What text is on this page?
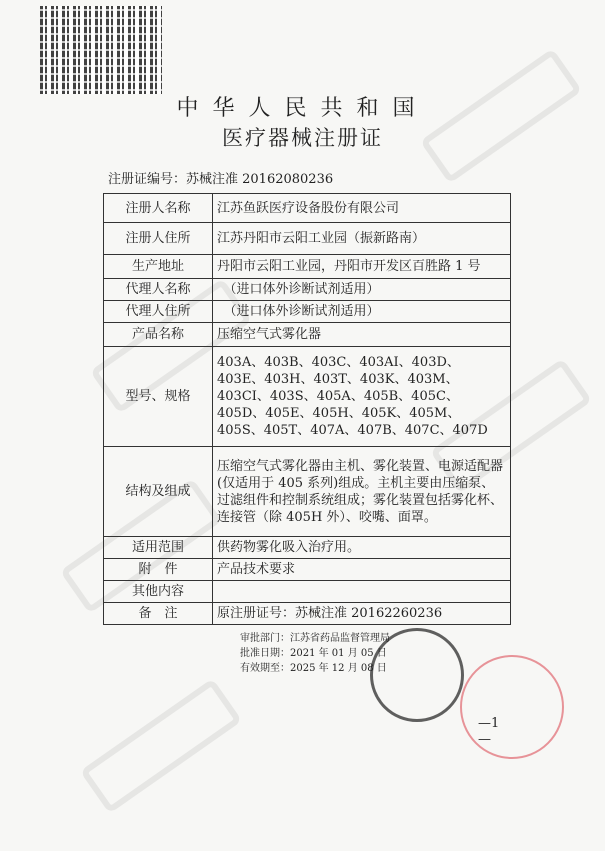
中华人民共和国
医疗器械注册证
注册证编号：苏械注准 20162080236
注册人名称	江苏鱼跃医疗设备股份有限公司
注册人住所	江苏丹阳市云阳工业园（振新路南）
生产地址	丹阳市云阳工业园，丹阳市开发区百胜路 1 号
代理人名称	　（进口体外诊断试剂适用）
代理人住所	　（进口体外诊断试剂适用）
产品名称	压缩空气式雾化器
型号、规格	403A、403B、403C、403AI、403D、403E、403H、403T、403K、403M、403CI、403S、405A、405B、405C、405D、405E、405H、405K、405M、405S、405T、407A、407B、407C、407D
结构及组成	压缩空气式雾化器由主机、雾化装置、电源适配器(仅适用于 405 系列)组成。主机主要由压缩泵、过滤组件和控制系统组成；雾化装置包括雾化杯、连接管（除 405H 外）、咬嘴、面罩。
适用范围	供药物雾化吸入治疗用。
附　件	产品技术要求
其他内容	
备　注	原注册证号：苏械注准 20162260236
审批部门：江苏省药品监督管理局
批准日期：2021 年 01 月 05 日
有效期至：2025 年 12 月 08 日
—1—
